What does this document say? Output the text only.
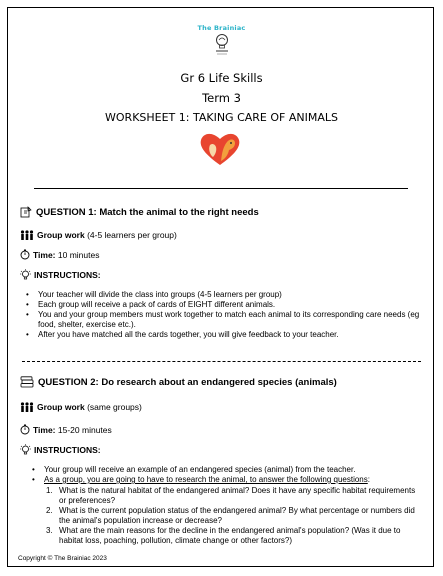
The Brainiac
Gr 6 Life Skills
Term 3
WORKSHEET 1: TAKING CARE OF ANIMALS
QUESTION 1: Match the animal to the right needs
Group work (4-5 learners per group)
Time: 10 minutes
INSTRUCTIONS:
• Your teacher will divide the class into groups (4-5 learners per group)
• Each group will receive a pack of cards of EIGHT different animals.
• You and your group members must work together to match each animal to its corresponding care needs (eg food, shelter, exercise etc.).
• After you have matched all the cards together, you will give feedback to your teacher.
QUESTION 2: Do research about an endangered species (animals)
Group work (same groups)
Time: 15-20 minutes
INSTRUCTIONS:
• Your group will receive an example of an endangered species (animal) from the teacher.
• As a group, you are going to have to research the animal, to answer the following questions:
1. What is the natural habitat of the endangered animal? Does it have any specific habitat requirements or preferences?
2. What is the current population status of the endangered animal? By what percentage or numbers did the animal's population increase or decrease?
3. What are the main reasons for the decline in the endangered animal's population? (Was it due to habitat loss, poaching, pollution, climate change or other factors?)
Copyright © The Brainiac 2023
